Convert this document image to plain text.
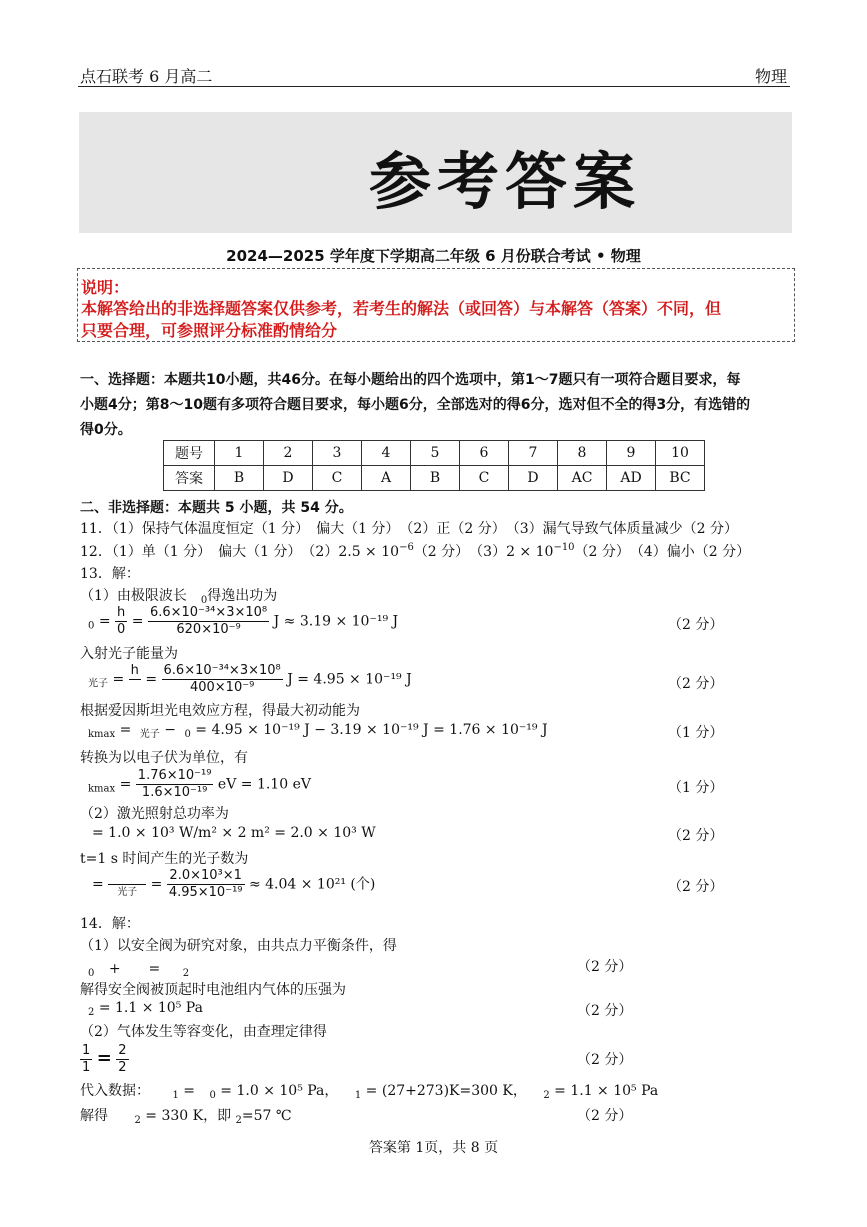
点石联考 6 月高二	物理
参考答案
2024—2025 学年度下学期高二年级 6 月份联合考试 • 物理
说明：
本解答给出的非选择题答案仅供参考，若考生的解法（或回答）与本解答（答案）不同，但
只要合理，可参照评分标准酌情给分
一、选择题：本题共10小题，共46分。在每小题给出的四个选项中，第1～7题只有一项符合题目要求，每
小题4分；第8～10题有多项符合题目要求，每小题6分，全部选对的得6分，选对但不全的得3分，有选错的
得0分。
题号	1	2	3	4	5	6	7	8	9	10
答案	B	D	C	A	B	C	D	AC	AD	BC
二、非选择题：本题共 5 小题，共 54 分。
11．（1）保持气体温度恒定（1 分）　偏大（1 分）　（2）正（2 分）　（3）漏气导致气体质量减少（2 分）
12．（1）单（1 分）　偏大（1 分）　$(2)2.5 \times 10^{-6}(2$ 分）　$(3)2 \times 10^{-10}(2$ 分）　（4）偏小（2 分）
13．解：
（1）由极限波长 $_0$得逸出功为
$_0 = \frac{h}{0} = \frac{\text{6.6×10⁻³⁴×3×10⁸}}{\text{620×10⁻⁹}}$ J ≈ 3.19 × 10⁻¹⁹ J	（2 分）
入射光子能量为
$_{光子}$ =
h

= $\frac{\text{6.6×10⁻³⁴×3×10⁸}}{\text{400×10⁻⁹}}$ J = 4.95 × 10⁻¹⁹ J	（2 分）
根据爱因斯坦光电效应方程，得最大初动能为
$_{kmax}$ = $_{光子}$ − $_0$ = 4.95 × 10⁻¹⁹ J − 3.19 × 10⁻¹⁹ J = 1.76 × 10⁻¹⁹ J	（1 分）
转换为以电子伏为单位，有
$_{kmax} = \frac{\text{1.76×10⁻¹⁹}}{\text{1.6×10⁻¹⁹}}$ eV = 1.10 eV	（1 分）
（2）激光照射总功率为
= 1.0 × 10³ W/m² × 2 m² = 2.0 × 10³ W	（2 分）
t=1 s 时间产生的光子数为
=
光子 = $\frac{\text{2.0×10³×1}}{\text{4.95×10⁻¹⁹}} \approx 4.04 \times 10^{21}$ (个)	（2 分）
14．解：
（1）以安全阀为研究对象，由共点力平衡条件，得
$_0$ +　　= $_2$	（2 分）
解得安全阀被顶起时电池组内气体的压强为
$_2$ = 1.1 × 10⁵ Pa	（2 分）
（2）气体发生等容变化，由查理定律得
$\frac{1}{1} = \frac{2}{2}$	（2 分）
代入数据： $_1$ = $_0$ = 1.0 × 10⁵ Pa， $_1$ = (27+273)K=300 K， $_2$ = 1.1 × 10⁵ Pa
解得	$_2$ = 330 K，即 $_2$=57 ℃	（2 分）
答案第 1页，共 8 页
